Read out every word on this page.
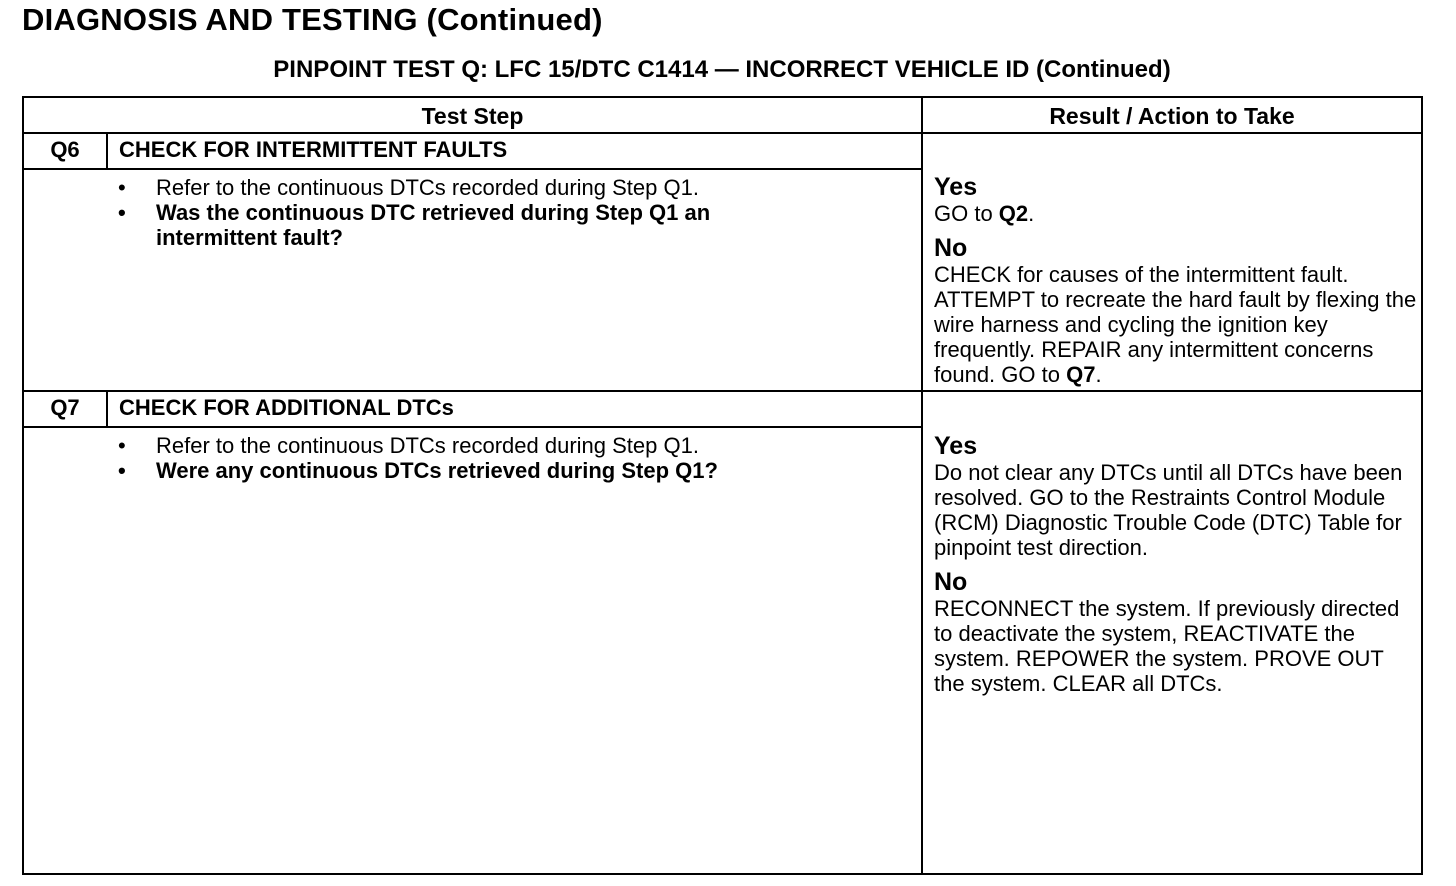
DIAGNOSIS AND TESTING (Continued)
PINPOINT TEST Q: LFC 15/DTC C1414 — INCORRECT VEHICLE ID (Continued)
Test Step	Result / Action to Take
Q6	CHECK FOR INTERMITTENT FAULTS
• Refer to the continuous DTCs recorded during Step Q1.
• Was the continuous DTC retrieved during Step Q1 an intermittent fault?
Yes
GO to Q2.
No
CHECK for causes of the intermittent fault. ATTEMPT to recreate the hard fault by flexing the wire harness and cycling the ignition key frequently. REPAIR any intermittent concerns found. GO to Q7.
Q7	CHECK FOR ADDITIONAL DTCs
• Refer to the continuous DTCs recorded during Step Q1.
• Were any continuous DTCs retrieved during Step Q1?
Yes
Do not clear any DTCs until all DTCs have been resolved. GO to the Restraints Control Module (RCM) Diagnostic Trouble Code (DTC) Table for pinpoint test direction.
No
RECONNECT the system. If previously directed to deactivate the system, REACTIVATE the system. REPOWER the system. PROVE OUT the system. CLEAR all DTCs.
